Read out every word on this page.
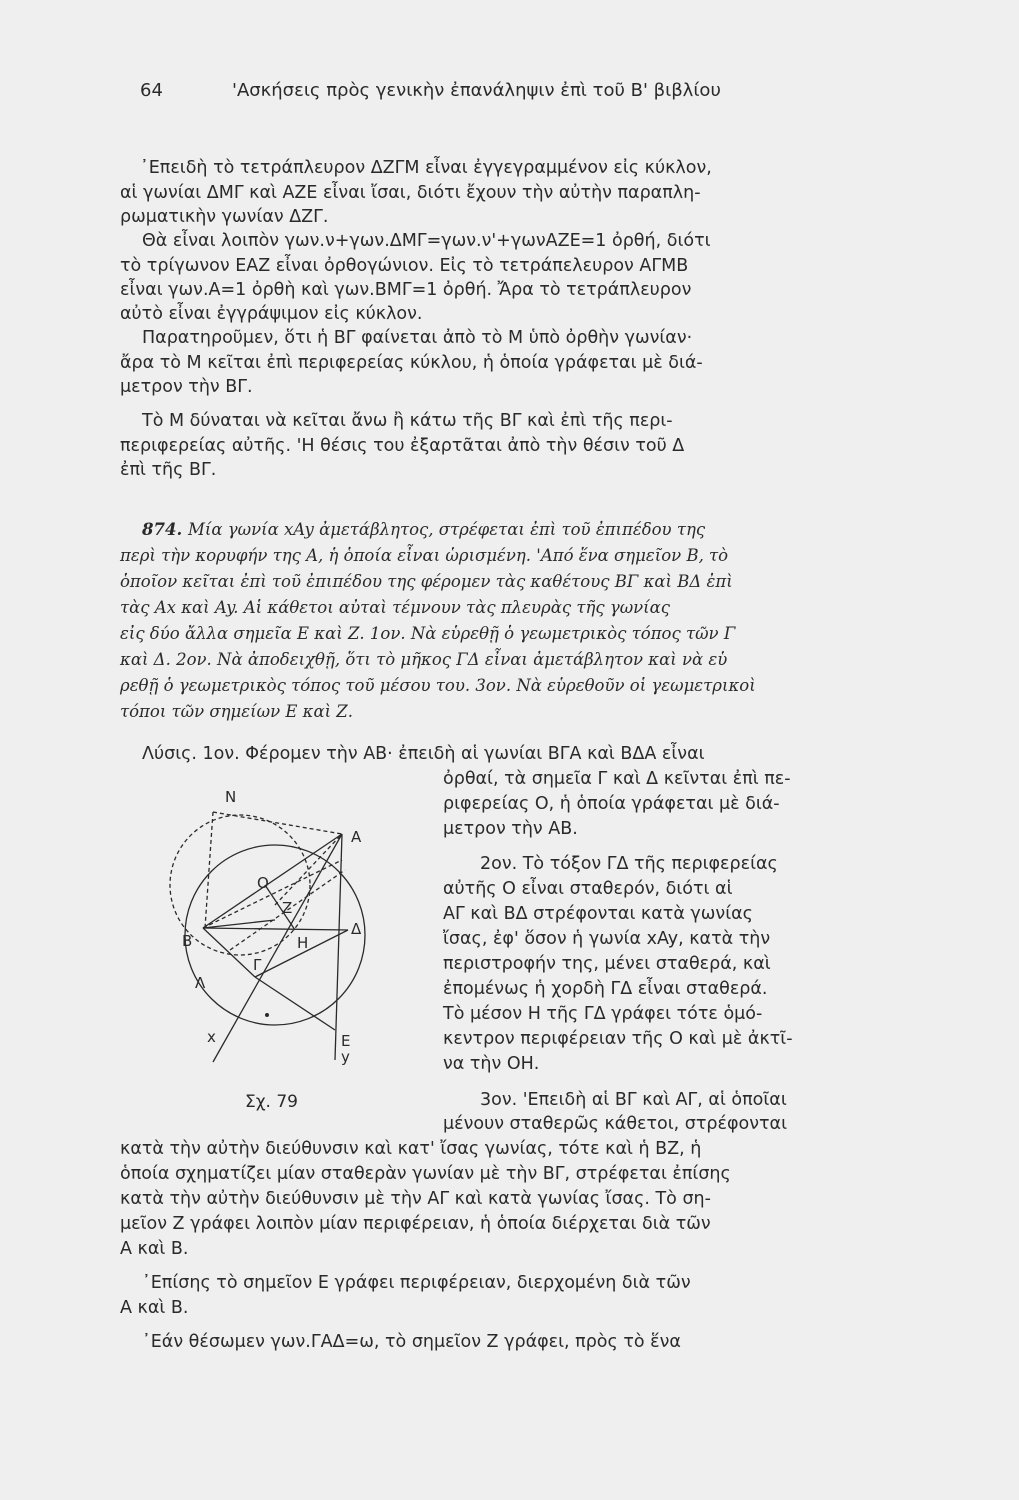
64	'Ασκήσεις πρὸς γενικὴν ἐπανάληψιν ἐπὶ τοῦ Β' βιβλίου
᾿Επειδὴ τὸ τετράπλευρον ΔΖΓΜ εἶναι ἐγγεγραμμένον εἰς κύκλον,
αἱ γωνίαι ΔΜΓ καὶ ΑΖΕ εἶναι ἴσαι, διότι ἔχουν τὴν αὐτὴν παραπλη-
ρωματικὴν γωνίαν ΔΖΓ.
Θὰ εἶναι λοιπὸν γων.ν+γων.ΔΜΓ=γων.ν'+γωνΑΖΕ=1 ὀρθή, διότι
τὸ τρίγωνον ΕΑΖ εἶναι ὀρθογώνιον. Εἰς τὸ τετράπελευρον ΑΓΜΒ
εἶναι γων.Α=1 ὀρθὴ καὶ γων.ΒΜΓ=1 ὀρθή. Ἄρα τὸ τετράπλευρον
αὐτὸ εἶναι ἐγγράψιμον εἰς κύκλον.
Παρατηροῦμεν, ὅτι ἡ ΒΓ φαίνεται ἀπὸ τὸ Μ ὑπὸ ὀρθὴν γωνίαν·
ἄρα τὸ Μ κεῖται ἐπὶ περιφερείας κύκλου, ἡ ὁποία γράφεται μὲ διά-
μετρον τὴν ΒΓ.
Τὸ Μ δύναται νὰ κεῖται ἄνω ἢ κάτω τῆς ΒΓ καὶ ἐπὶ τῆς περι-
περιφερείας αὐτῆς. 'Η θέσις του ἐξαρτᾶται ἀπὸ τὴν θέσιν τοῦ Δ
ἐπὶ τῆς ΒΓ.
874. Μία γωνία xAy ἀμετάβλητος, στρέφεται ἐπὶ τοῦ ἐπιπέδου της
περὶ τὴν κορυφήν της Α, ἡ ὁποία εἶναι ὡρισμένη. 'Από ἕνα σημεῖον Β, τὸ
ὁποῖον κεῖται ἐπὶ τοῦ ἐπιπέδου της φέρομεν τὰς καθέτους ΒΓ καὶ ΒΔ ἐπὶ
τὰς Ax καὶ Ay. Αἱ κάθετοι αὐταὶ τέμνουν τὰς πλευρὰς τῆς γωνίας
εἰς δύο ἄλλα σημεῖα Ε καὶ Ζ. 1ον. Νὰ εὑρεθῇ ὁ γεωμετρικὸς τόπος τῶν Γ
καὶ Δ. 2ον. Νὰ ἀποδειχθῇ, ὅτι τὸ μῆκος ΓΔ εἶναι ἀμετάβλητον καὶ νὰ εὑ
ρεθῇ ὁ γεωμετρικὸς τόπος τοῦ μέσου του. 3ον. Νὰ εὑρεθοῦν οἱ γεωμετρικοὶ
τόποι τῶν σημείων Ε καὶ Ζ.
Λύσις. 1ον. Φέρομεν τὴν ΑΒ· ἐπειδὴ αἱ γωνίαι ΒΓΑ καὶ ΒΔΑ εἶναι
ὀρθαί, τὰ σημεῖα Γ καὶ Δ κεῖνται ἐπὶ πε-
ριφερείας Ο, ἡ ὁποία γράφεται μὲ διά-
μετρον τὴν ΑΒ.
2ον. Τὸ τόξον ΓΔ τῆς περιφερείας
αὐτῆς Ο εἶναι σταθερόν, διότι αἱ
ΑΓ καὶ ΒΔ στρέφονται κατὰ γωνίας
ἴσας, ἐφ' ὅσον ἡ γωνία xAy, κατὰ τὴν
περιστροφήν της, μένει σταθερά, καὶ
ἐπομένως ἡ χορδὴ ΓΔ εἶναι σταθερά.
Τὸ μέσον Η τῆς ΓΔ γράφει τότε ὁμό-
κεντρον περιφέρειαν τῆς Ο καὶ μὲ ἀκτῖ-
να τὴν ΟΗ.
3ον. 'Επειδὴ αἱ ΒΓ καὶ ΑΓ, αἱ ὁποῖαι
μένουν σταθερῶς κάθετοι, στρέφονται
κατὰ τὴν αὐτὴν διεύθυνσιν καὶ κατ' ἴσας γωνίας, τότε καὶ ἡ ΒΖ, ἡ
ὁποία σχηματίζει μίαν σταθερὰν γωνίαν μὲ τὴν ΒΓ, στρέφεται ἐπίσης
κατὰ τὴν αὐτὴν διεύθυνσιν μὲ τὴν ΑΓ καὶ κατὰ γωνίας ἴσας. Τὸ ση-
μεῖον Ζ γράφει λοιπὸν μίαν περιφέρειαν, ἡ ὁποία διέρχεται διὰ τῶν
Α καὶ Β.
᾿Επίσης τὸ σημεῖον Ε γράφει περιφέρειαν, διερχομένη διὰ τῶν
Α καὶ Β.
᾿Εάν θέσωμεν γων.ΓΑΔ=ω, τὸ σημεῖον Ζ γράφει, πρὸς τὸ ἕνα
N
A
O
Z
B	H
Δ
Γ
Λ
x	E
y
Σχ. 79
